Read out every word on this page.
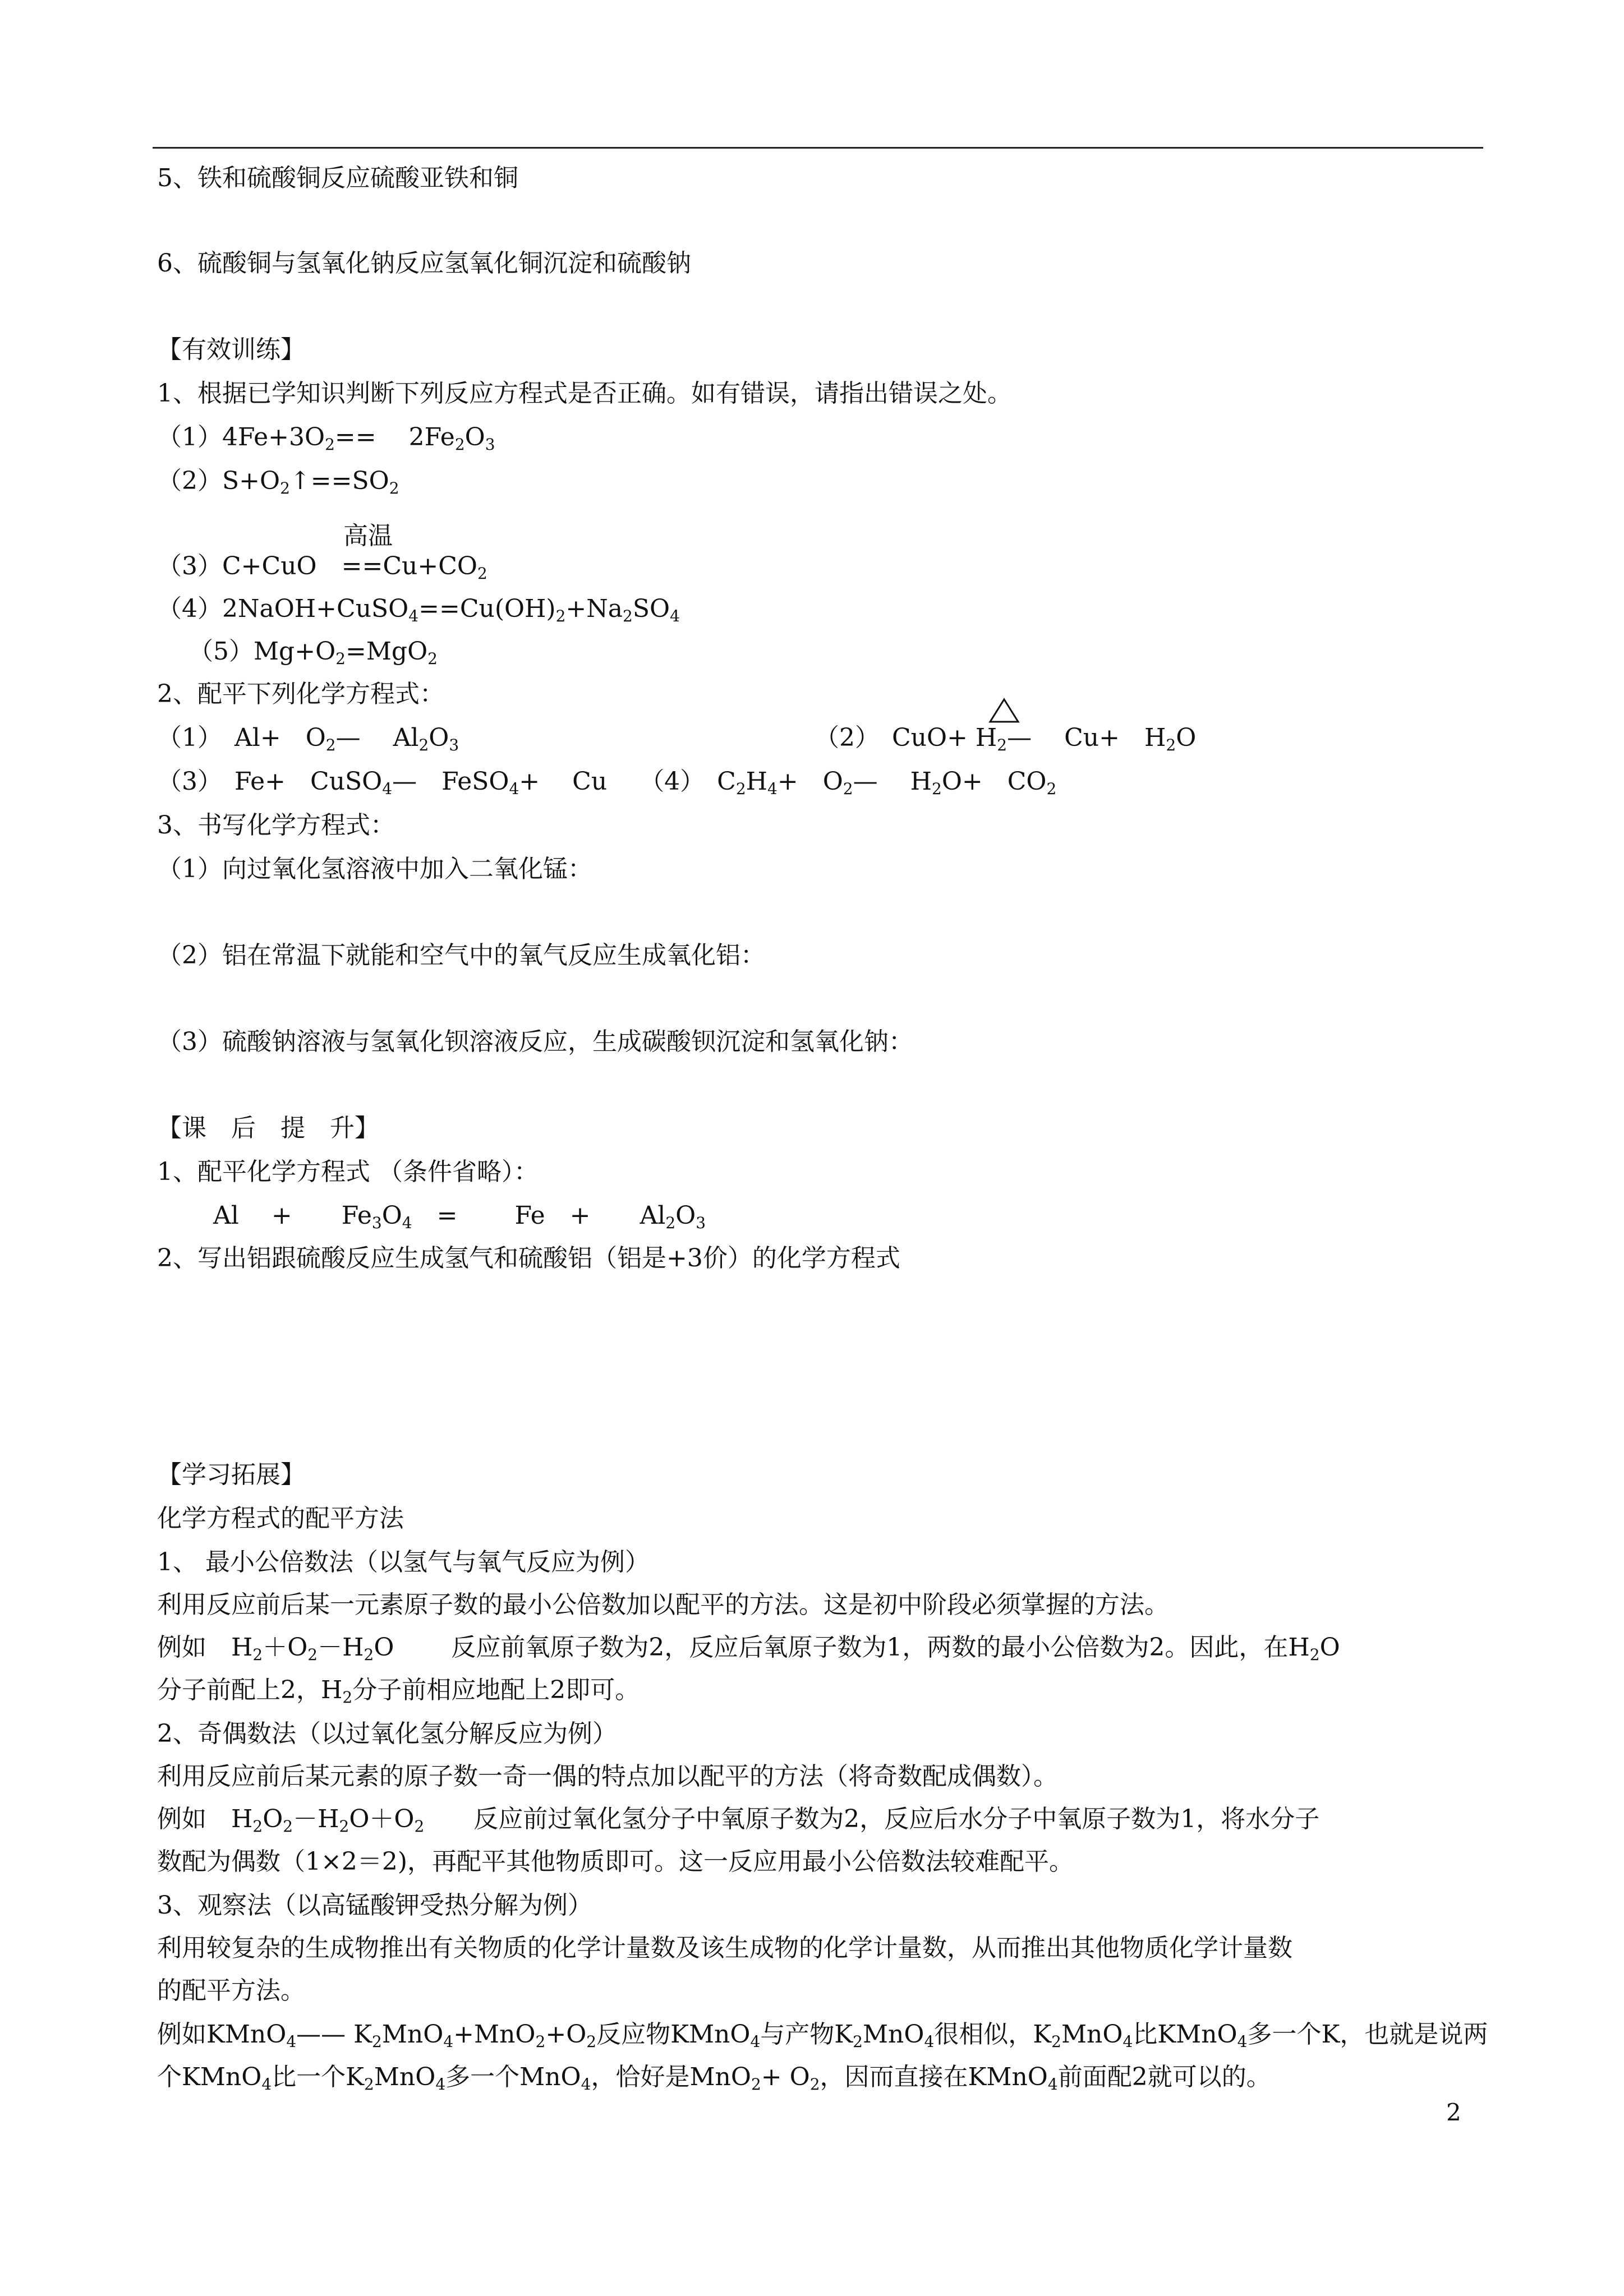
5、铁和硫酸铜反应硫酸亚铁和铜
6、硫酸铜与氢氧化钠反应氢氧化铜沉淀和硫酸钠
【有效训练】
1、根据已学知识判断下列反应方程式是否正确。如有错误，请指出错误之处。
$(1)4Fe+3O_2==$　 $2Fe_2O_3$
$(2)S+O_2↑==SO_2$
高温
（3）C+CuO　$==Cu+CO_2$
$(4)2NaOH+CuSO_4==Cu(OH)_2+Na_2SO_4$
$(5)Mg+O_2=MgO_2$
2、配平下列化学方程式：
（1）　Al+　$O_2—$　 $Al_2O_3$	（2）　$CuO+ H_2—$　 Cu+　$H_2O$
（3）　Fe+　CuSO$_4$—　FeSO$_4$+　 Cu　 （4）　$C_2H_4+$　$O_2—$　 $H_2O+$　$CO_2$
3、书写化学方程式：
（1）向过氧化氢溶液中加入二氧化锰：
（2）铝在常温下就能和空气中的氧气反应生成氧化铝：
（3）硫酸钠溶液与氢氧化钡溶液反应，生成碳酸钡沉淀和氢氧化钠：
【课　后　提　升】
1、配平化学方程式 （条件省略）：
Al　 +　　$Fe_3O_4$　=　　 Fe　+　　$Al_2O_3$
2、写出铝跟硫酸反应生成氢气和硫酸铝（铝是+3价）的化学方程式
【学习拓展】
化学方程式的配平方法
1、 最小公倍数法（以氢气与氧气反应为例）
利用反应前后某一元素原子数的最小公倍数加以配平的方法。这是初中阶段必须掌握的方法。
例如　$H_2+O_2-H_2O$　　 反应前氧原子数为2，反应后氧原子数为1，两数的最小公倍数为2。因此，在$H_2O$
分子前配上2，$H_2$分子前相应地配上2即可。
2、奇偶数法（以过氧化氢分解反应为例）
利用反应前后某元素的原子数一奇一偶的特点加以配平的方法（将奇数配成偶数）。
例如　$H_2O_2-H_2O+O_2$　　反应前过氧化氢分子中氧原子数为2，反应后水分子中氧原子数为1，将水分子
数配为偶数（1×2＝2)，再配平其他物质即可。这一反应用最小公倍数法较难配平。
3、观察法（以高锰酸钾受热分解为例）
利用较复杂的生成物推出有关物质的化学计量数及该生成物的化学计量数，从而推出其他物质化学计量数
的配平方法。
例如KMnO$_4$—— $K_2MnO_4+MnO_2+O_2$反应物KMnO$_4$与产物$K_2MnO_4$很相似，$K_2MnO_4$比KMnO$_4$多一个K，也就是说两
个KMnO$_4$比一个$K_2MnO_4$多一个MnO$_4$，恰好是$MnO_2+ O_2$，因而直接在KMnO$_4$前面配2就可以的。
2
